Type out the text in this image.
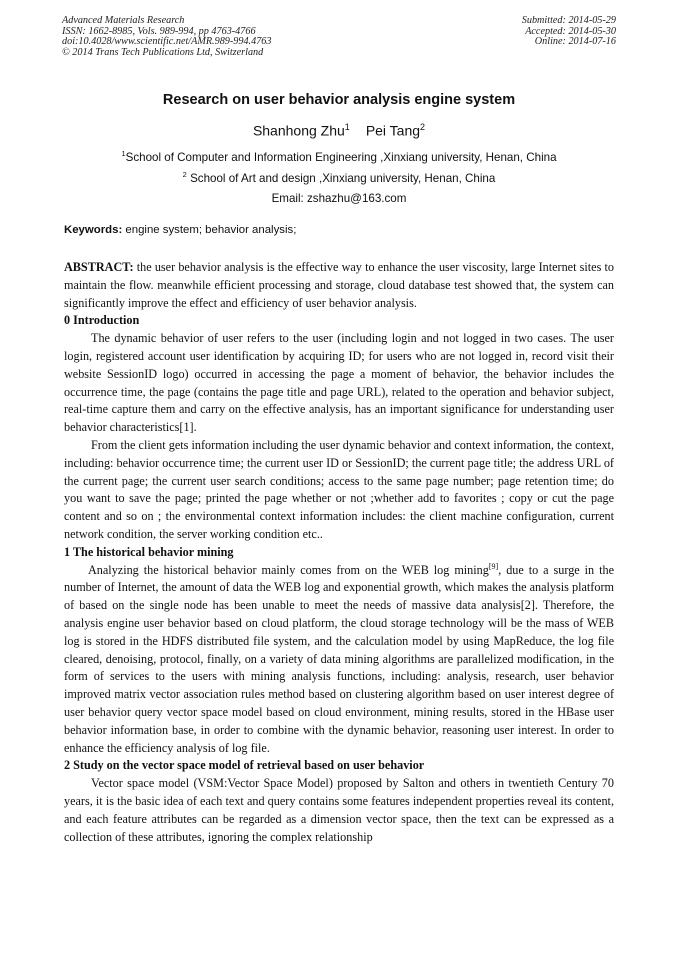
Advanced Materials Research
ISSN: 1662-8985, Vols. 989-994, pp 4763-4766
doi:10.4028/www.scientific.net/AMR.989-994.4763
© 2014 Trans Tech Publications Ltd, Switzerland
Submitted: 2014-05-29
Accepted: 2014-05-30
Online: 2014-07-16
Research on user behavior analysis engine system
Shanhong Zhu$^1$ Pei Tang$^2$
$^1$School of Computer and Information Engineering ,Xinxiang university, Henan, China
$^2$ School of Art and design ,Xinxiang university, Henan, China
Email: zshazhu@163.com
Keywords: engine system; behavior analysis;

ABSTRACT: the user behavior analysis is the effective way to enhance the user viscosity, large Internet sites to maintain the flow. meanwhile efficient processing and storage, cloud database test showed that, the system can significantly improve the effect and efficiency of user behavior analysis.

0 Introduction

The dynamic behavior of user refers to the user (including login and not logged in two cases. The user login, registered account user identification by acquiring ID; for users who are not logged in, record visit their website SessionID logo) occurred in accessing the page a moment of behavior, the behavior includes the occurrence time, the page (contains the page title and page URL), related to the operation and behavior subject, real-time capture them and carry on the effective analysis, has an important significance for understanding user behavior characteristics[1].

From the client gets information including the user dynamic behavior and context information, the context, including: behavior occurrence time; the current user ID or SessionID; the current page title; the address URL of the current page; the current user search conditions; access to the same page number; page retention time; do you want to save the page; printed the page whether or not ;whether add to favorites ; copy or cut the page content and so on ; the environmental context information includes: the client machine configuration, current network condition, the server working condition etc..

1 The historical behavior mining

Analyzing the historical behavior mainly comes from on the WEB log mining[9], due to a surge in the number of Internet, the amount of data the WEB log and exponential growth, which makes the analysis platform of based on the single node has been unable to meet the needs of massive data analysis[2]. Therefore, the analysis engine user behavior based on cloud platform, the cloud storage technology will be the mass of WEB log is stored in the HDFS distributed file system, and the calculation model by using MapReduce, the log file cleared, denoising, protocol, finally, on a variety of data mining algorithms are parallelized modification, in the form of services to the users with mining analysis functions, including: analysis, research, user behavior improved matrix vector association rules method based on clustering algorithm based on user interest degree of user behavior query vector space model based on cloud environment, mining results, stored in the HBase user behavior information base, in order to combine with the dynamic behavior, reasoning user interest. In order to enhance the efficiency analysis of log file.

2 Study on the vector space model of retrieval based on user behavior

Vector space model (VSM:Vector Space Model) proposed by Salton and others in twentieth Century 70 years, it is the basic idea of each text and query contains some features independent properties reveal its content, and each feature attributes can be regarded as a dimension vector space, then the text can be expressed as a collection of these attributes, ignoring the complex relationship
